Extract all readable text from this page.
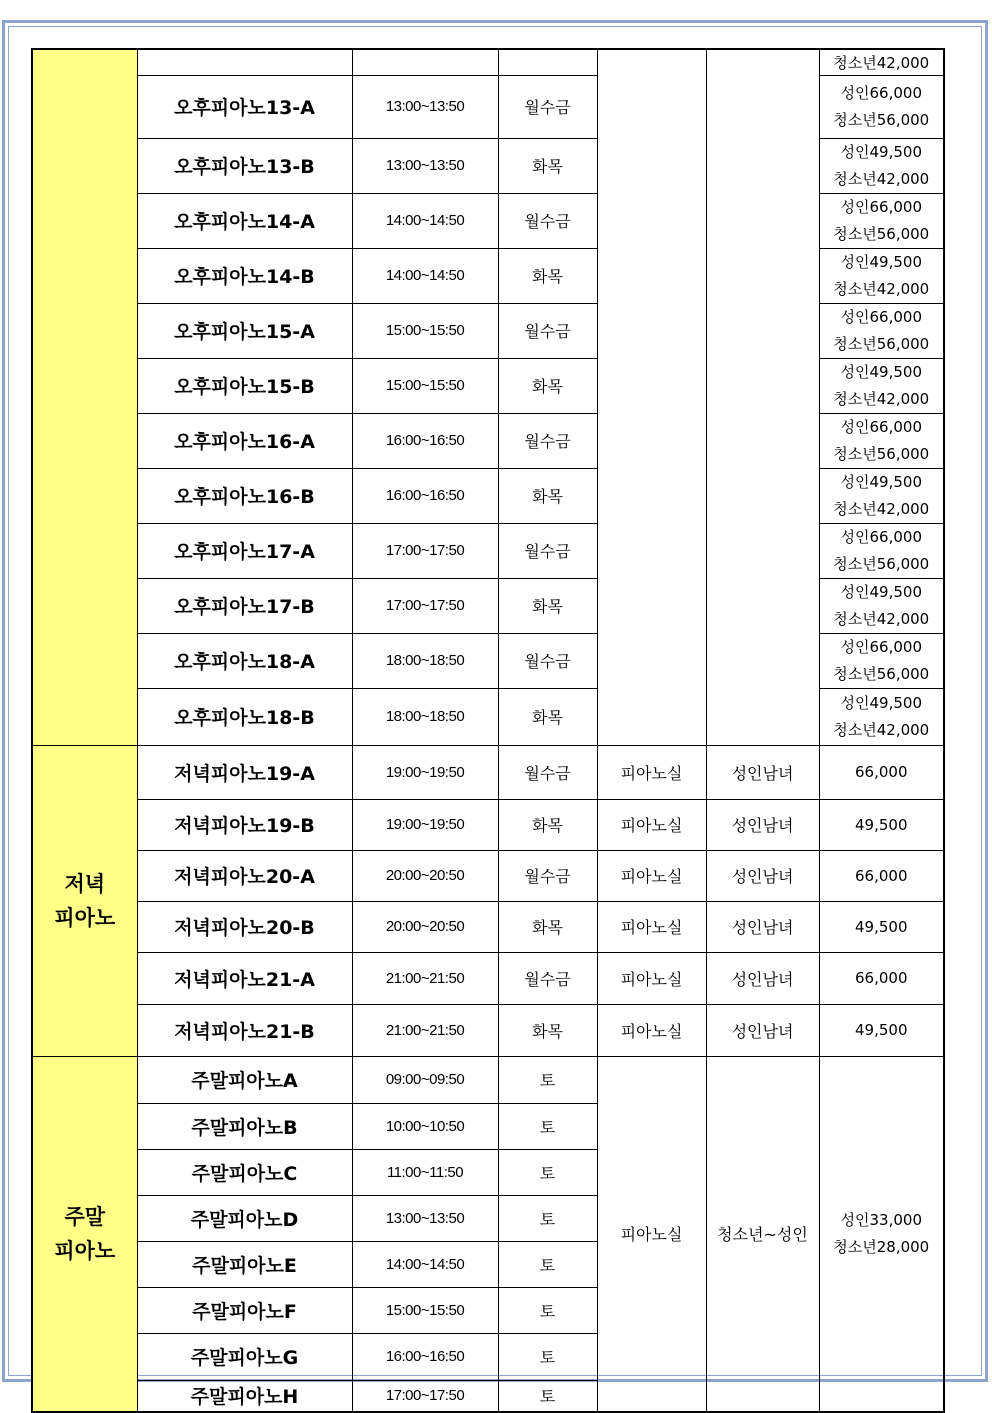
						청소년42,000
	오후피아노13-A	13:00~13:50	월수금			성인66,000
청소년56,000

	오후피아노13-B	13:00~13:50	화목			성인49,500
청소년42,000

	오후피아노14-A	14:00~14:50	월수금			성인66,000
청소년56,000

	오후피아노14-B	14:00~14:50	화목			성인49,500
청소년42,000

	오후피아노15-A	15:00~15:50	월수금			성인66,000
청소년56,000

	오후피아노15-B	15:00~15:50	화목			성인49,500
청소년42,000

	오후피아노16-A	16:00~16:50	월수금			성인66,000
청소년56,000

	오후피아노16-B	16:00~16:50	화목			성인49,500
청소년42,000

	오후피아노17-A	17:00~17:50	월수금			성인66,000
청소년56,000

	오후피아노17-B	17:00~17:50	화목			성인49,500
청소년42,000

	오후피아노18-A	18:00~18:50	월수금			성인66,000
청소년56,000

	오후피아노18-B	18:00~18:50	화목			성인49,500
청소년42,000

저녁
피아노	저녁피아노19-A	19:00~19:50	월수금	피아노실	성인남녀	66,000
	저녁피아노19-B	19:00~19:50	화목	피아노실	성인남녀	49,500
	저녁피아노20-A	20:00~20:50	월수금	피아노실	성인남녀	66,000
	저녁피아노20-B	20:00~20:50	화목	피아노실	성인남녀	49,500
	저녁피아노21-A	21:00~21:50	월수금	피아노실	성인남녀	66,000
	저녁피아노21-B	21:00~21:50	화목	피아노실	성인남녀	49,500
주말
피아노	주말피아노A	09:00~09:50	토	피아노실	청소년~성인	성인33,000
청소년28,000

	주말피아노B	10:00~10:50	토			
	주말피아노C	11:00~11:50	토			
	주말피아노D	13:00~13:50	토			
	주말피아노E	14:00~14:50	토			
	주말피아노F	15:00~15:50	토			
	주말피아노G	16:00~16:50	토			
	주말피아노H	17:00~17:50	토			
